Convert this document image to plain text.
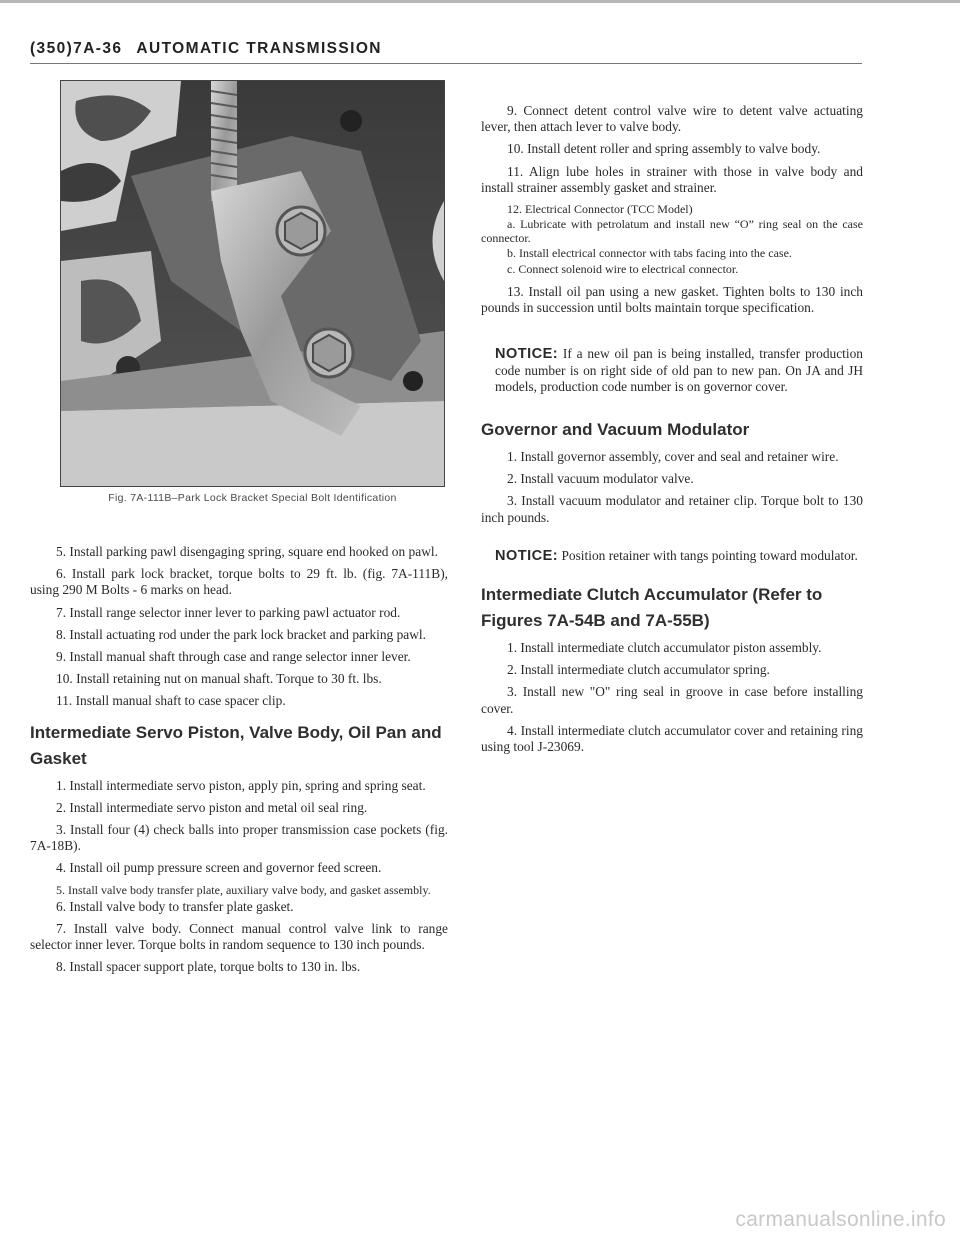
(350)7A-36 AUTOMATIC TRANSMISSION
Fig. 7A-111B–Park Lock Bracket Special Bolt Identification

5. Install parking pawl disengaging spring, square end hooked on pawl.

6. Install park lock bracket, torque bolts to 29 ft. lb. (fig. 7A-111B), using 290 M Bolts - 6 marks on head.

7. Install range selector inner lever to parking pawl actuator rod.

8. Install actuating rod under the park lock bracket and parking pawl.

9. Install manual shaft through case and range selector inner lever.

10. Install retaining nut on manual shaft. Torque to 30 ft. lbs.

11. Install manual shaft to case spacer clip.

Intermediate Servo Piston, Valve Body, Oil Pan and Gasket

1. Install intermediate servo piston, apply pin, spring and spring seat.

2. Install intermediate servo piston and metal oil seal ring.

3. Install four (4) check balls into proper transmission case pockets (fig. 7A-18B).

4. Install oil pump pressure screen and governor feed screen.

5. Install valve body transfer plate, auxiliary valve body, and gasket assembly.

6. Install valve body to transfer plate gasket.

7. Install valve body. Connect manual control valve link to range selector inner lever. Torque bolts in random sequence to 130 inch pounds.

8. Install spacer support plate, torque bolts to 130 in. lbs.

9. Connect detent control valve wire to detent valve actuating lever, then attach lever to valve body.

10. Install detent roller and spring assembly to valve body.

11. Align lube holes in strainer with those in valve body and install strainer assembly gasket and strainer.

12. Electrical Connector (TCC Model)

a. Lubricate with petrolatum and install new “O” ring seal on the case connector.

b. Install electrical connector with tabs facing into the case.

c. Connect solenoid wire to electrical connector.

13. Install oil pan using a new gasket. Tighten bolts to 130 inch pounds in succession until bolts maintain torque specification.

NOTICE: If a new oil pan is being installed, transfer production code number is on right side of old pan to new pan. On JA and JH models, production code number is on governor cover.

Governor and Vacuum Modulator

1. Install governor assembly, cover and seal and retainer wire.

2. Install vacuum modulator valve.

3. Install vacuum modulator and retainer clip. Torque bolt to 130 inch pounds.

NOTICE: Position retainer with tangs pointing toward modulator.

Intermediate Clutch Accumulator (Refer to Figures 7A-54B and 7A-55B)

1. Install intermediate clutch accumulator piston assembly.

2. Install intermediate clutch accumulator spring.

3. Install new "O" ring seal in groove in case before installing cover.

4. Install intermediate clutch accumulator cover and retaining ring using tool J-23069.

carmanualsonline.info
